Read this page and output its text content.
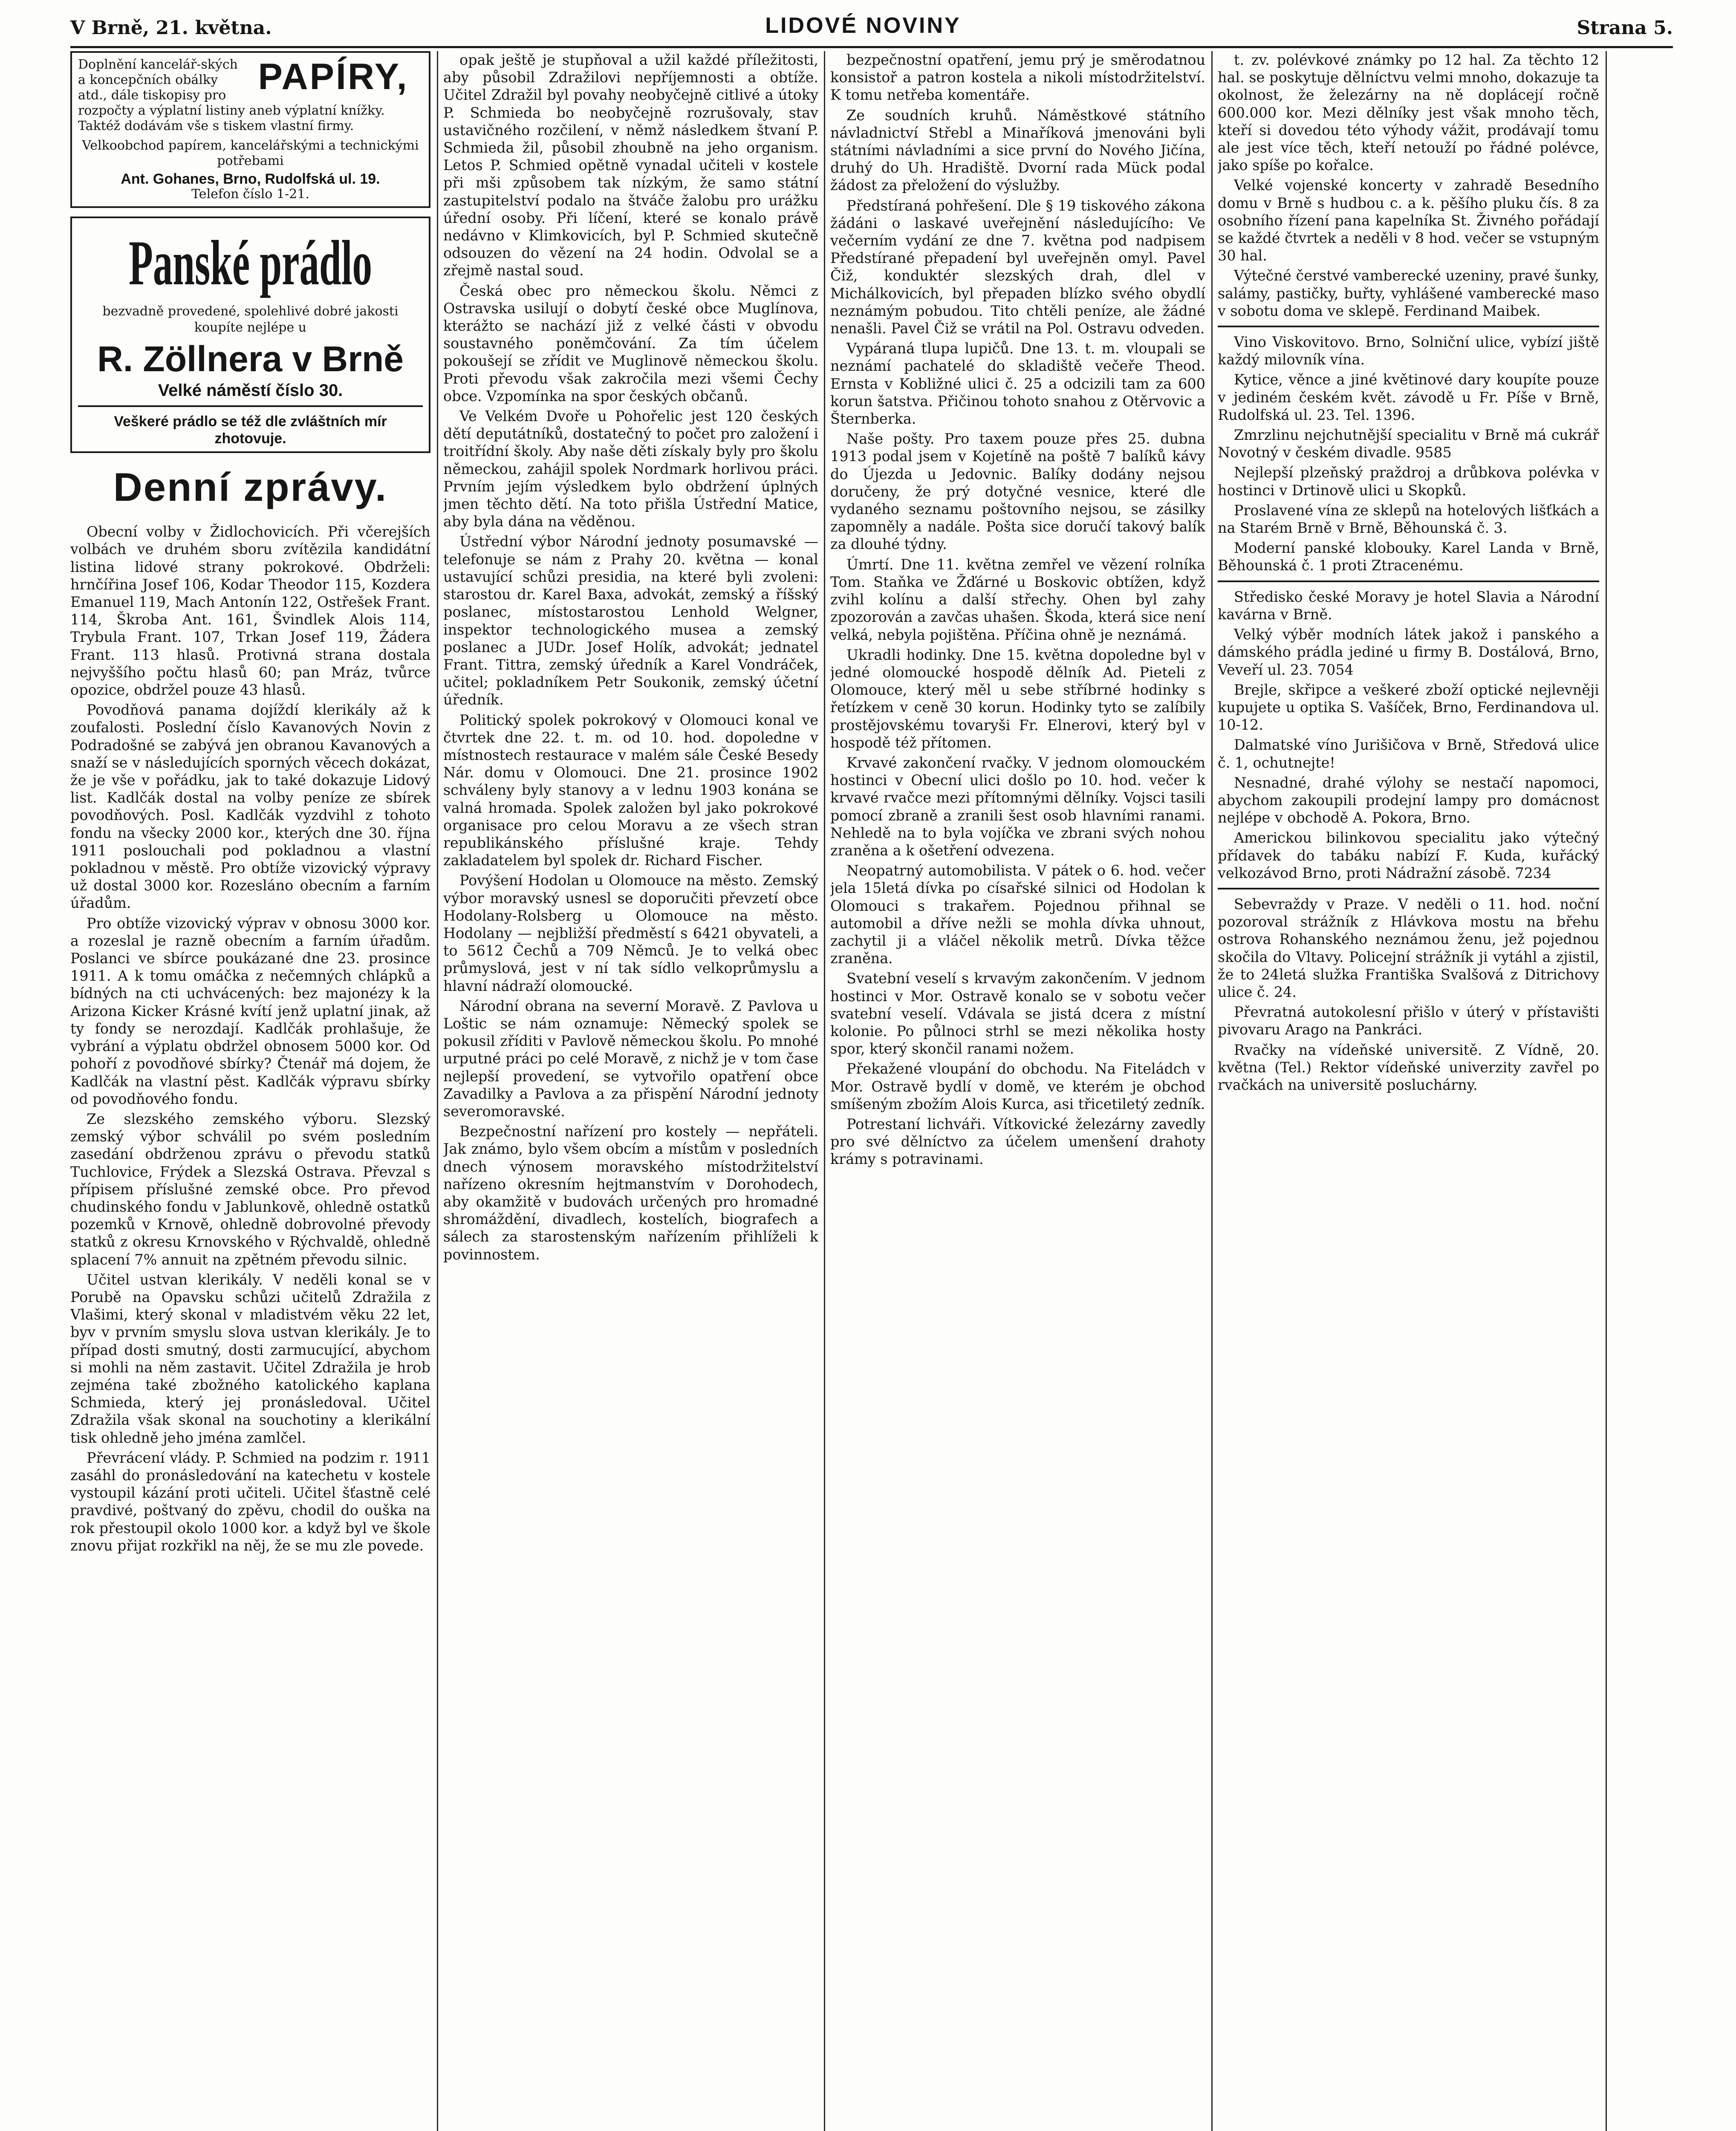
V Brně, 21. května.	LIDOVÉ NOVINY	Strana 5.
PAPÍRY,
Doplnění kancelář-ských a koncepčních obálky atd., dále tiskopisy pro rozpočty a výplatní listiny aneb výplatní knížky. Taktéž dodávám vše s tiskem vlastní firmy.
Velkoobchod papírem, kancelářskými a technickými potřebami
Ant. Gohanes, Brno, Rudolfská ul. 19.
Telefon číslo 1-21.
Panské prádlo
bezvadně provedené, spolehlivé dobré jakosti koupíte nejlépe u
R. Zöllnera v Brně
Velké náměstí číslo 30.
Veškeré prádlo se též dle zvláštních mír zhotovuje.
Denní zprávy.

Obecní volby v Židlochovicích. Při včerejších volbách ve druhém sboru zvítězila kandidátní listina lidové strany pokrokové. Obdrželi: hrnčířina Josef 106, Kodar Theodor 115, Kozdera Emanuel 119, Mach Antonín 122, Ostřešek Frant. 114, Škroba Ant. 161, Švindlek Alois 114, Trybula Frant. 107, Trkan Josef 119, Žádera Frant. 113 hlasů. Protivná strana dostala nejvyššího počtu hlasů 60; pan Mráz, tvůrce opozice, obdržel pouze 43 hlasů.

Povodňová panama dojíždí klerikály až k zoufalosti. Poslední číslo Kavanových Novin z Podradošné se zabývá jen obranou Kavanových a snaží se v následujících sporných věcech dokázat, že je vše v pořádku, jak to také dokazuje Lidový list. Kadlčák dostal na volby peníze ze sbírek povodňových. Posl. Kadlčák vyzdvihl z tohoto fondu na všecky 2000 kor., kterých dne 30. října 1911 poslouchali pod pokladnou a vlastní pokladnou v městě. Pro obtíže vizovický výpravy už dostal 3000 kor. Rozesláno obecním a farním úřadům.

Pro obtíže vizovický výprav v obnosu 3000 kor. a rozeslal je razně obecním a farním úřadům. Poslanci ve sbírce poukázané dne 23. prosince 1911. A k tomu omáčka z nečemných chlápků a bídných na cti uchvácených: bez majonézy k la Arizona Kicker Krásné kvítí jenž uplatní jinak, až ty fondy se nerozdají. Kadlčák prohlašuje, že vybrání a výplatu obdržel obnosem 5000 kor. Od pohoří z povodňové sbírky? Čtenář má dojem, že Kadlčák na vlastní pěst. Kadlčák výpravu sbírky od povodňového fondu.

Ze slezského zemského výboru. Slezský zemský výbor schválil po svém posledním zasedání obdrženou zprávu o převodu statků Tuchlovice, Frýdek a Slezská Ostrava. Převzal s přípisem příslušné zemské obce. Pro převod chudinského fondu v Jablunkově, ohledně ostatků pozemků v Krnově, ohledně dobrovolné převody statků z okresu Krnovského v Rýchvaldě, ohledně splacení 7% annuit na zpětném převodu silnic.

Učitel ustvan klerikály. V neděli konal se v Porubě na Opavsku schůzi učitelů Zdražila z Vlašimi, který skonal v mladistvém věku 22 let, byv v prvním smyslu slova ustvan klerikály. Je to případ dosti smutný, dosti zarmucující, abychom si mohli na něm zastavit. Učitel Zdražila je hrob zejména také zbožného katolického kaplana Schmieda, který jej pronásledoval. Učitel Zdražila však skonal na souchotiny a klerikální tisk ohledně jeho jména zamlčel.

Převrácení vlády. P. Schmied na podzim r. 1911 zasáhl do pronásledování na katechetu v kostele vystoupil kázání proti učiteli. Učitel šťastně celé pravdivé, poštvaný do zpěvu, chodil do ouška na rok přestoupil okolo 1000 kor. a když byl ve škole znovu přijat rozkřikl na něj, že se mu zle povede.

opak ještě je stupňoval a užil každé příležitosti, aby působil Zdražilovi nepříjemnosti a obtíže. Učitel Zdražil byl povahy neobyčejně citlivé a útoky P. Schmieda bo neobyčejně rozrušovaly, stav ustavičného rozčilení, v němž následkem štvaní P. Schmieda žil, působil zhoubně na jeho organism. Letos P. Schmied opětně vynadal učiteli v kostele při mši způsobem tak nízkým, že samo státní zastupitelství podalo na štváče žalobu pro urážku úřední osoby. Při líčení, které se konalo právě nedávno v Klimkovicích, byl P. Schmied skutečně odsouzen do vězení na 24 hodin. Odvolal se a zřejmě nastal soud.

Česká obec pro německou školu. Němci z Ostravska usilují o dobytí české obce Muglínova, kterážto se nachází již z velké části v obvodu soustavného poněmčování. Za tím účelem pokoušejí se zřídit ve Muglinově německou školu. Proti převodu však zakročila mezi všemi Čechy obce. Vzpomínka na spor českých občanů.

Ve Velkém Dvoře u Pohořelic jest 120 českých dětí deputátníků, dostatečný to počet pro založení i troitřídní školy. Aby naše děti získaly byly pro školu německou, zahájil spolek Nordmark horlivou práci. Prvním jejím výsledkem bylo obdržení úplných jmen těchto dětí. Na toto přišla Ústřední Matice, aby byla dána na věděnou.

Ústřední výbor Národní jednoty posumavské — telefonuje se nám z Prahy 20. května — konal ustavující schůzi presidia, na které byli zvoleni: starostou dr. Karel Baxa, advokát, zemský a říšský poslanec, místostarostou Lenhold Welgner, inspektor technologického musea a zemský poslanec a JUDr. Josef Holík, advokát; jednatel Frant. Tittra, zemský úředník a Karel Vondráček, učitel; pokladníkem Petr Soukonik, zemský účetní úředník.

Politický spolek pokrokový v Olomouci konal ve čtvrtek dne 22. t. m. od 10. hod. dopoledne v místnostech restaurace v malém sále České Besedy Nár. domu v Olomouci. Dne 21. prosince 1902 schváleny byly stanovy a v lednu 1903 konána se valná hromada. Spolek založen byl jako pokrokové organisace pro celou Moravu a ze všech stran republikánského příslušné kraje. Tehdy zakladatelem byl spolek dr. Richard Fischer.

Povýšení Hodolan u Olomouce na město. Zemský výbor moravský usnesl se doporučiti převzetí obce Hodolany-Rolsberg u Olomouce na město. Hodolany — nejbližší předměstí s 6421 obyvateli, a to 5612 Čechů a 709 Němců. Je to velká obec průmyslová, jest v ní tak sídlo velkoprůmyslu a hlavní nádraží olomoucké.

Národní obrana na severní Moravě. Z Pavlova u Loštic se nám oznamuje: Německý spolek se pokusil zříditi v Pavlově německou školu. Po mnohé urputné práci po celé Moravě, z nichž je v tom čase nejlepší provedení, se vytvořilo opatření obce Zavadilky a Pavlova a za přispění Národní jednoty severomoravské.

Bezpečnostní nařízení pro kostely — nepřáteli. Jak známo, bylo všem obcím a místům v posledních dnech výnosem moravského místodržitelství nařízeno okresním hejtmanstvím v Dorohodech, aby okamžitě v budovách určených pro hromadné shromáždění, divadlech, kostelích, biografech a sálech za starostenským nařízením přihlíželi k povinnostem.

bezpečnostní opatření, jemu prý je směrodatnou konsistoř a patron kostela a nikoli místodržitelství. K tomu netřeba komentáře.

Ze soudních kruhů. Náměstkové státního návladnictví Střebl a Minaříková jmenováni byli státními návladními a sice první do Nového Jičína, druhý do Uh. Hradiště. Dvorní rada Mück podal žádost za přeložení do výslužby.

Předstíraná pohřešení. Dle § 19 tiskového zákona žádáni o laskavé uveřejnění následujícího: Ve večerním vydání ze dne 7. května pod nadpisem Předstírané přepadení byl uveřejněn omyl. Pavel Čiž, konduktér slezských drah, dlel v Michálkovicích, byl přepaden blízko svého obydlí neznámým pobudou. Tito chtěli peníze, ale žádné nenašli. Pavel Čiž se vrátil na Pol. Ostravu odveden.

Vypáraná tlupa lupičů. Dne 13. t. m. vloupali se neznámí pachatelé do skladiště večeře Theod. Ernsta v Kobližné ulici č. 25 a odcizili tam za 600 korun šatstva. Přičinou tohoto snahou z Otěrvovic a Šternberka.

Naše pošty. Pro taxem pouze přes 25. dubna 1913 podal jsem v Kojetíně na poště 7 balíků kávy do Újezda u Jedovnic. Balíky dodány nejsou doručeny, že prý dotyčné vesnice, které dle vydaného seznamu poštovního nejsou, se zásilky zapomněly a nadále. Pošta sice doručí takový balík za dlouhé týdny.

Úmrtí. Dne 11. května zemřel ve vězení rolníka Tom. Staňka ve Žďárné u Boskovic obtížen, když zvihl kolínu a další střechy. Ohen byl zahy zpozorován a zavčas uhašen. Škoda, která sice není velká, nebyla pojištěna. Příčina ohně je neznámá.

Ukradli hodinky. Dne 15. května dopoledne byl v jedné olomoucké hospodě dělník Ad. Pieteli z Olomouce, který měl u sebe stříbrné hodinky s řetízkem v ceně 30 korun. Hodinky tyto se zalíbily prostějovskému tovaryši Fr. Elnerovi, který byl v hospodě též přítomen.

Krvavé zakončení rvačky. V jednom olomouckém hostinci v Obecní ulici došlo po 10. hod. večer k krvavé rvačce mezi přítomnými dělníky. Vojsci tasili pomocí zbraně a zranili šest osob hlavními ranami. Nehledě na to byla vojíčka ve zbrani svých nohou zraněna a k ošetření odvezena.

Neopatrný automobilista. V pátek o 6. hod. večer jela 15letá dívka po císařské silnici od Hodolan k Olomouci s trakařem. Pojednou přihnal se automobil a dříve nežli se mohla dívka uhnout, zachytil ji a vláčel několik metrů. Dívka těžce zraněna.

Svatební veselí s krvavým zakončením. V jednom hostinci v Mor. Ostravě konalo se v sobotu večer svatební veselí. Vdávala se jistá dcera z místní kolonie. Po půlnoci strhl se mezi několika hosty spor, který skončil ranami nožem.

Překažené vloupání do obchodu. Na Fiteládch v Mor. Ostravě bydlí v domě, ve kterém je obchod smíšeným zbožím Alois Kurca, asi třicetiletý zedník.

Potrestaní lichváři. Vítkovické železárny zavedly pro své dělníctvo za účelem umenšení drahoty krámy s potravinami.

t. zv. polévkové známky po 12 hal. Za těchto 12 hal. se poskytuje dělníctvu velmi mnoho, dokazuje ta okolnost, že železárny na ně doplácejí ročně 600.000 kor. Mezi dělníky jest však mnoho těch, kteří si dovedou této výhody vážit, prodávají tomu ale jest více těch, kteří netouží po řádné polévce, jako spíše po kořalce.

Velké vojenské koncerty v zahradě Besedního domu v Brně s hudbou c. a k. pěšího pluku čís. 8 za osobního řízení pana kapelníka St. Živného pořádají se každé čtvrtek a neděli v 8 hod. večer se vstupným 30 hal.

Výtečné čerstvé vamberecké uzeniny, pravé šunky, salámy, pastičky, buřty, vyhlášené vamberecké maso v sobotu doma ve sklepě. Ferdinand Maibek.

Vino Viskovitovo. Brno, Solniční ulice, vybízí jiště každý milovník vína.

Kytice, věnce a jiné květinové dary koupíte pouze v jediném českém květ. závodě u Fr. Píše v Brně, Rudolfská ul. 23. Tel. 1396.

Zmrzlinu nejchutnější specialitu v Brně má cukrář Novotný v českém divadle. 9585

Nejlepší plzeňský praždroj a drůbkova polévka v hostinci v Drtinově ulici u Skopků.

Proslavené vína ze sklepů na hotelových lišťkách a na Starém Brně v Brně, Běhounská č. 3.

Moderní panské klobouky. Karel Landa v Brně, Běhounská č. 1 proti Ztracenému.

Středisko české Moravy je hotel Slavia a Národní kavárna v Brně.

Velký výběr modních látek jakož i panského a dámského prádla jediné u firmy B. Dostálová, Brno, Veveří ul. 23. 7054

Brejle, skřipce a veškeré zboží optické nejlevněji kupujete u optika S. Vašíček, Brno, Ferdinandova ul. 10-12.

Dalmatské víno Jurišičova v Brně, Středová ulice č. 1, ochutnejte!

Nesnadné, drahé výlohy se nestačí napomoci, abychom zakoupili prodejní lampy pro domácnost nejlépe v obchodě A. Pokora, Brno.

Americkou bilinkovou specialitu jako výtečný přídavek do tabáku nabízí F. Kuda, kuřácký velkozávod Brno, proti Nádražní zásobě. 7234

Sebevraždy v Praze. V neděli o 11. hod. noční pozoroval strážník z Hlávkova mostu na břehu ostrova Rohanského neznámou ženu, jež pojednou skočila do Vltavy. Policejní strážník ji vytáhl a zjistil, že to 24letá služka Františka Svalšová z Ditrichovy ulice č. 24.

Převratná autokolesní přišlo v úterý v přístavišti pivovaru Arago na Pankráci.

Rvačky na vídeňské universitě. Z Vídně, 20. května (Tel.) Rektor vídeňské univerzity zavřel po rvačkách na universitě posluchárny.
